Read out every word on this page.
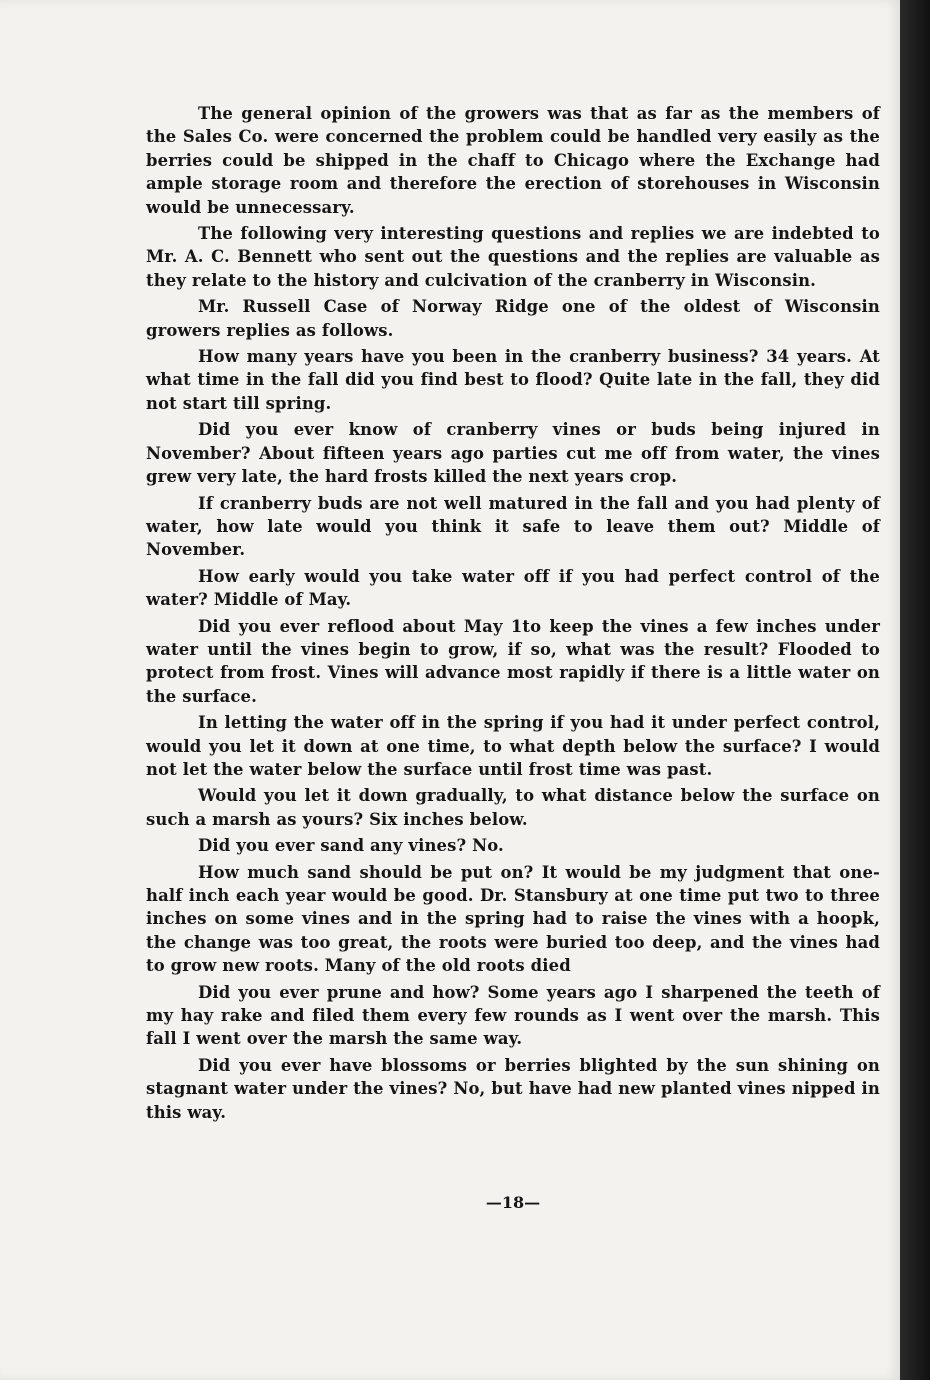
The general opinion of the growers was that as far as the members of the Sales Co. were concerned the problem could be handled very easily as the berries could be shipped in the chaff to Chicago where the Exchange had ample storage room and therefore the erection of storehouses in Wisconsin would be unnecessary.

The following very interesting questions and replies we are indebted to Mr. A. C. Bennett who sent out the questions and the replies are valuable as they relate to the history and culcivation of the cranberry in Wisconsin.

Mr. Russell Case of Norway Ridge one of the oldest of Wisconsin growers replies as follows.

How many years have you been in the cranberry business? 34 years. At what time in the fall did you find best to flood? Quite late in the fall, they did not start till spring.

Did you ever know of cranberry vines or buds being injured in November? About fifteen years ago parties cut me off from water, the vines grew very late, the hard frosts killed the next years crop.

If cranberry buds are not well matured in the fall and you had plenty of water, how late would you think it safe to leave them out? Middle of November.

How early would you take water off if you had perfect control of the water? Middle of May.

Did you ever reflood about May 1to keep the vines a few inches under water until the vines begin to grow, if so, what was the result? Flooded to protect from frost. Vines will advance most rapidly if there is a little water on the surface.

In letting the water off in the spring if you had it under perfect control, would you let it down at one time, to what depth below the surface? I would not let the water below the surface until frost time was past.

Would you let it down gradually, to what distance below the surface on such a marsh as yours? Six inches below.

Did you ever sand any vines? No.

How much sand should be put on? It would be my judgment that one-half inch each year would be good. Dr. Stansbury at one time put two to three inches on some vines and in the spring had to raise the vines with a hoopk, the change was too great, the roots were buried too deep, and the vines had to grow new roots. Many of the old roots died

Did you ever prune and how? Some years ago I sharpened the teeth of my hay rake and filed them every few rounds as I went over the marsh. This fall I went over the marsh the same way.

Did you ever have blossoms or berries blighted by the sun shining on stagnant water under the vines? No, but have had new planted vines nipped in this way.

—18—
